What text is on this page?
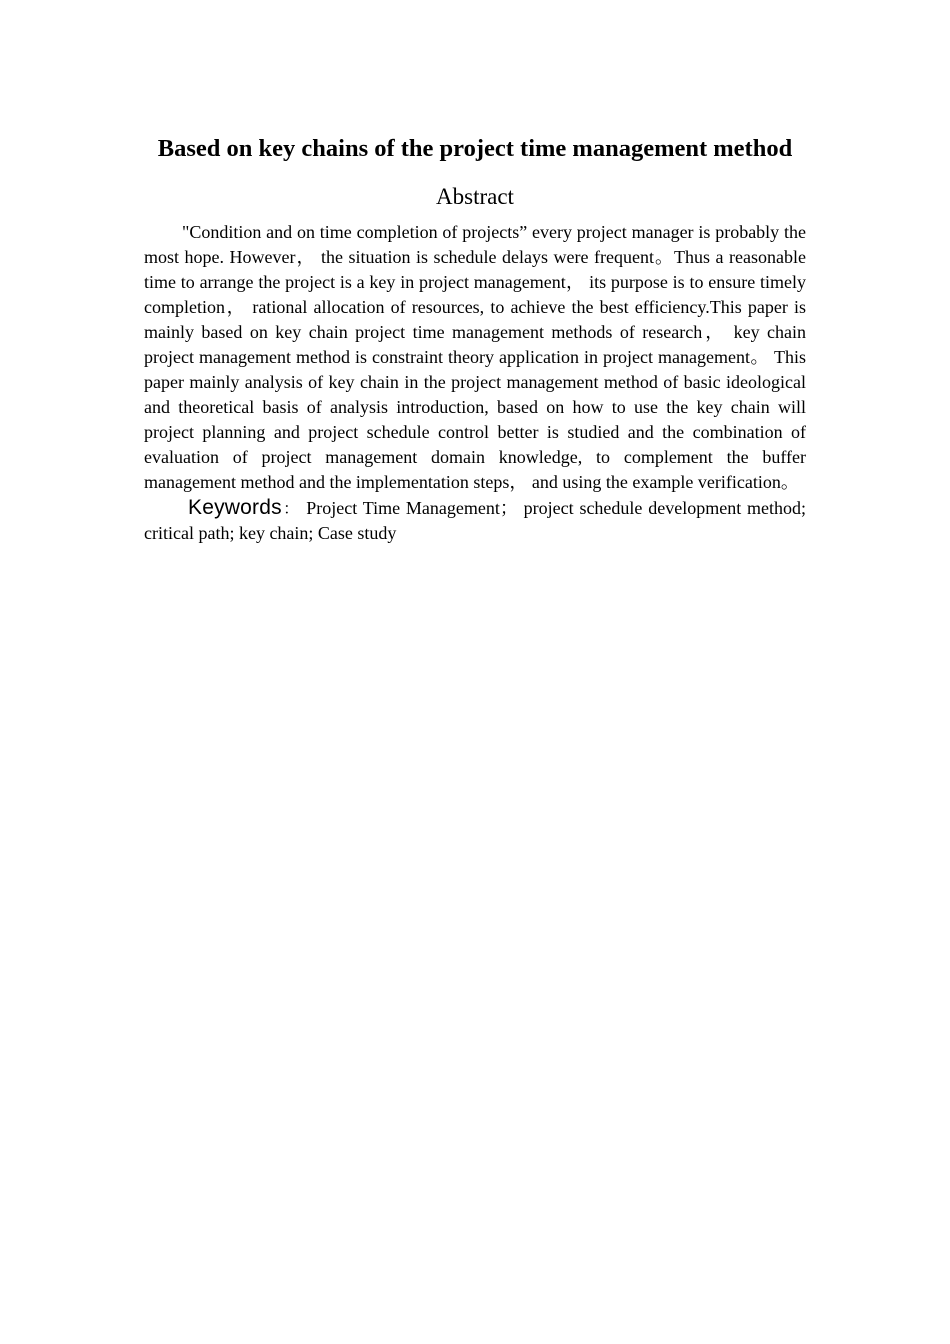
Based on key chains of the project time management method
Abstract

"Condition and on time completion of projects” every project manager is probably the most hope. However， the situation is schedule delays were frequent。Thus a reasonable time to arrange the project is a key in project management， its purpose is to ensure timely completion， rational allocation of resources, to achieve the best efficiency.This paper is mainly based on key chain project time management methods of research， key chain project management method is constraint theory application in project management。 This paper mainly analysis of key chain in the project management method of basic ideological and theoretical basis of analysis introduction, based on how to use the key chain will project planning and project schedule control better is studied and the combination of evaluation of project management domain knowledge, to complement the buffer management method and the implementation steps， and using the example verification。

Keywords： Project Time Management； project schedule development method; critical path; key chain; Case study
